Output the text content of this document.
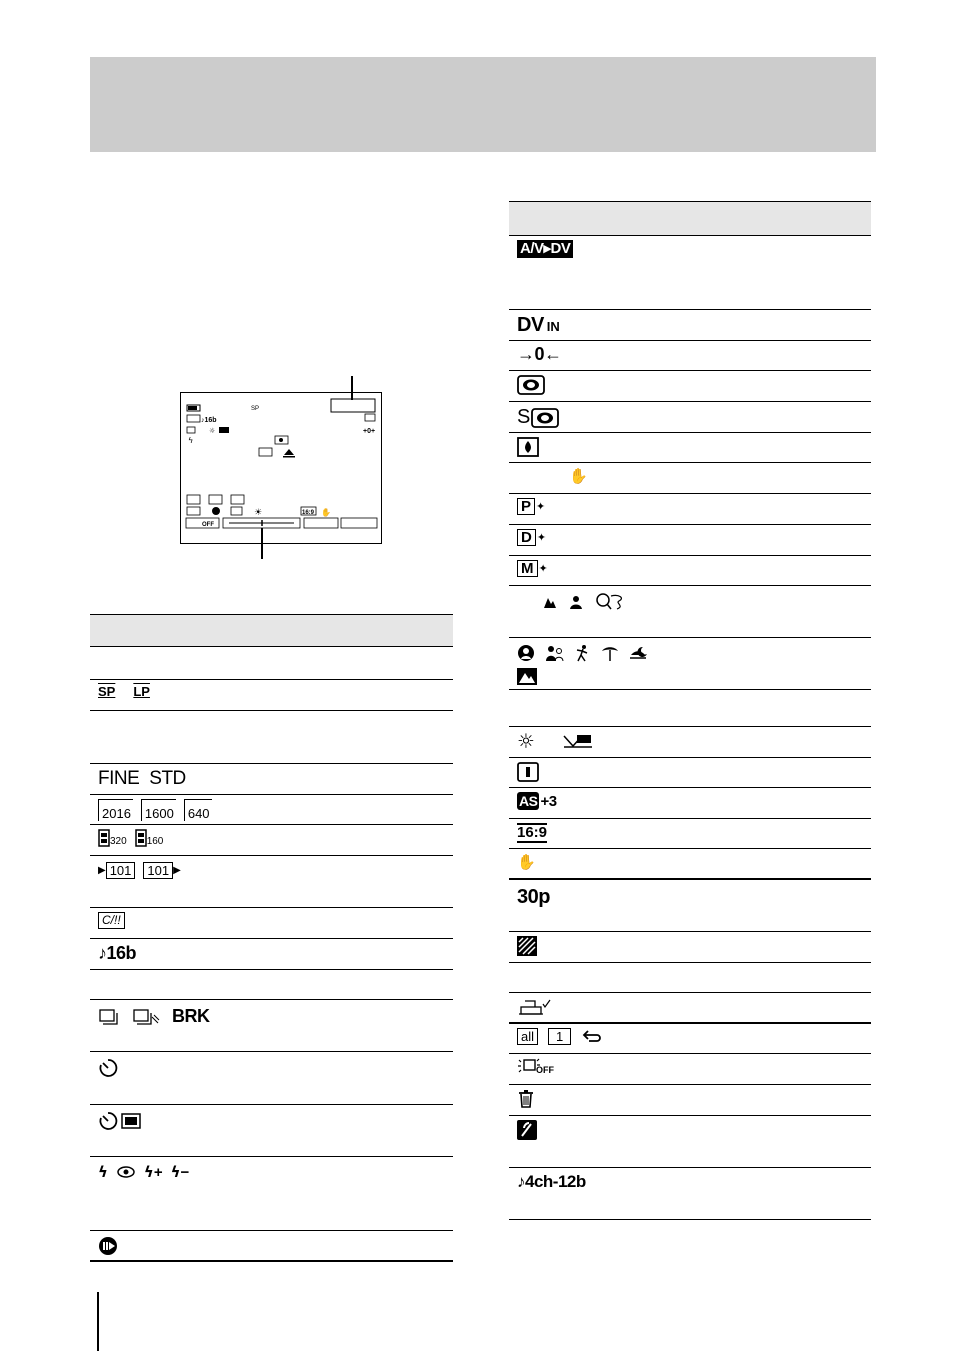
SP
♪16b
+0+
☼
ϟ
☀	16:9 ✋
OFF
SP LP
FINE STD
2016	1600	640
320 160
▶ 101	101 ▶
C/!!
♪16b
BRK
ϟ ϟ+ ϟ−
A/V▸DV
DV IN
→0←
S
✋
P ✦
D ✦
M ✦
☼
AS +3
16:9
✋
30p
all	1
OFF
♪4ch-12b
